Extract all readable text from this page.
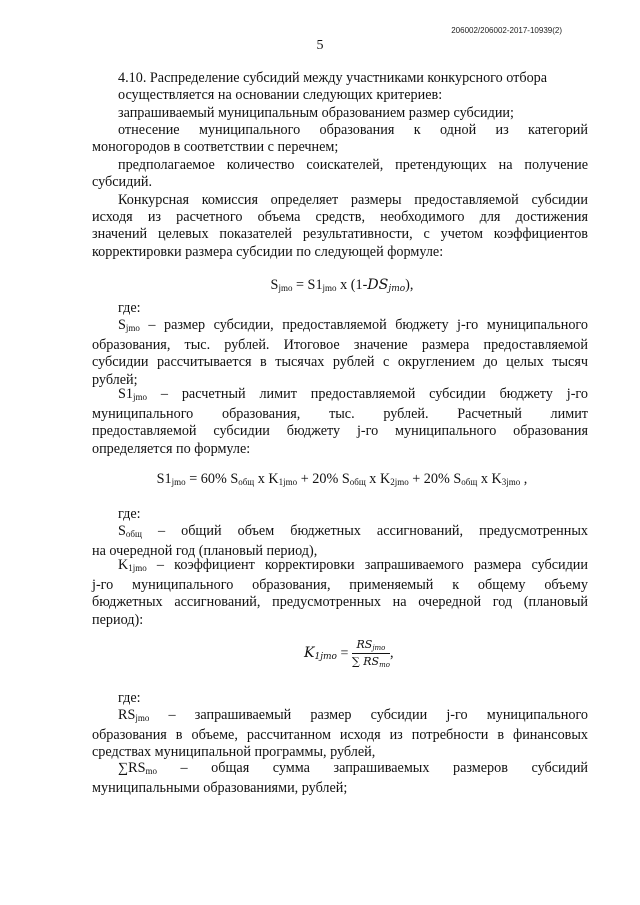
206002/206002-2017-10939(2)
5

4.10. Распределение субсидий между участниками конкурсного отбора

осуществляется на основании следующих критериев:

запрашиваемый муниципальным образованием размер субсидии;

отнесение муниципального образования к одной из категорий

моногородов в соответствии с перечнем;

предполагаемое количество соискателей, претендующих на получение

субсидий.

Конкурсная комиссия определяет размеры предоставляемой субсидии

исходя из расчетного объема средств, необходимого для достижения

значений целевых показателей результативности, с учетом коэффициентов

корректировки размера субсидии по следующей формуле:

$S_{jmo} = S1_{jmo}$ x $(1-DS_{jmo})$,
где:

$S_{jmo}$ – размер субсидии, предоставляемой бюджету j-го муниципального

образования, тыс. рублей. Итоговое значение размера предоставляемой

субсидии рассчитывается в тысячах рублей с округлением до целых тысяч

рублей;

$S1_{jmo}$ – расчетный лимит предоставляемой субсидии бюджету j-го

муниципального образования, тыс. рублей. Расчетный лимит

предоставляемой субсидии бюджету j-го муниципального образования

определяется по формуле:

$S1_{jmo} = 60\%$ $S_{общ}$ x $K_{1jmo} + 20\%$ $S_{общ}$ x $K_{2jmo} + 20\%$ $S_{общ}$ x $K_{3jmo}$ ,
где:

$S_{общ}$ – общий объем бюджетных ассигнований, предусмотренных

на очередной год (плановый период),

$K_{1jmo}$ – коэффициент корректировки запрашиваемого размера субсидии

j-го муниципального образования, применяемый к общему объему

бюджетных ассигнований, предусмотренных на очередной год (плановый

период):

$K_{1jmo} = \frac{RS_{jmo}}{\sum RS_{mo}}$ ,
где:

$RS_{jmo}$ – запрашиваемый размер субсидии j-го муниципального

образования в объеме, рассчитанном исходя из потребности в финансовых

средствах муниципальной программы, рублей,

$\sum RS_{mo}$ – общая сумма запрашиваемых размеров субсидий

муниципальными образованиями, рублей;
